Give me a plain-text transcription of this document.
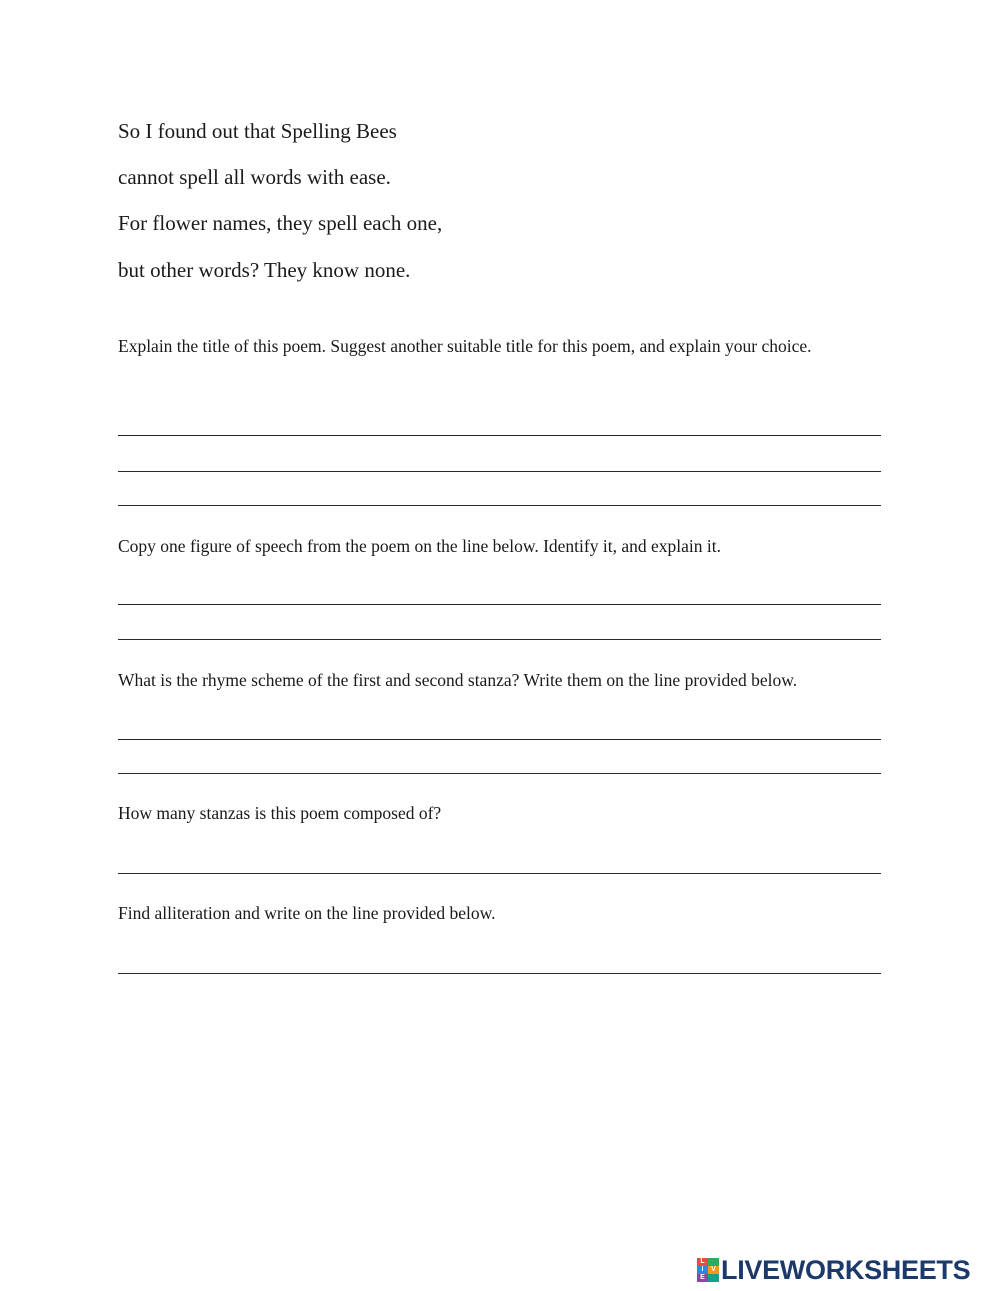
So I found out that Spelling Bees
cannot spell all words with ease.
For flower names, they spell each one,
but other words? They know none.
Explain the title of this poem. Suggest another suitable title for this poem, and explain your choice.
Copy one figure of speech from the poem on the line below. Identify it, and explain it.
What is the rhyme scheme of the first and second stanza? Write them on the line provided below.
How many stanzas is this poem composed of?
Find alliteration and write on the line provided below.
L
I	V
E LIVEWORKSHEETS
